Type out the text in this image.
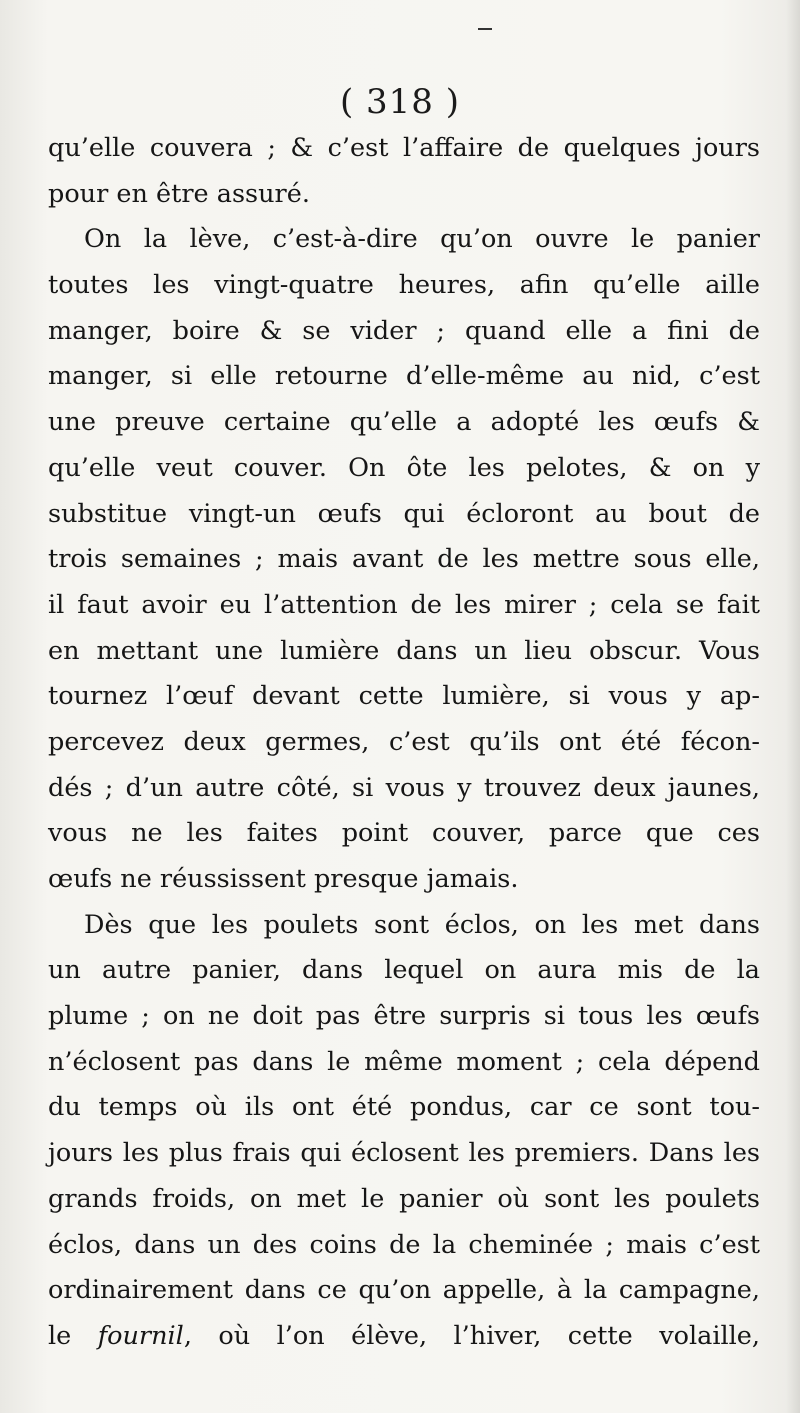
( 318 )
qu’elle couvera ; & c’est l’affaire de quelques jours
pour en être assuré.
On la lève, c’est-à-dire qu’on ouvre le panier
toutes les vingt-quatre heures, afin qu’elle aille
manger, boire & se vider ; quand elle a fini de
manger, si elle retourne d’elle-même au nid, c’est
une preuve certaine qu’elle a adopté les œufs &
qu’elle veut couver. On ôte les pelotes, & on y
substitue vingt-un œufs qui écloront au bout de
trois semaines ; mais avant de les mettre sous elle,
il faut avoir eu l’attention de les mirer ; cela se fait
en mettant une lumière dans un lieu obscur. Vous
tournez l’œuf devant cette lumière, si vous y ap-
percevez deux germes, c’est qu’ils ont été fécon-
dés ; d’un autre côté, si vous y trouvez deux jaunes,
vous ne les faites point couver, parce que ces
œufs ne réussissent presque jamais.
Dès que les poulets sont éclos, on les met dans
un autre panier, dans lequel on aura mis de la
plume ; on ne doit pas être surpris si tous les œufs
n’éclosent pas dans le même moment ; cela dépend
du temps où ils ont été pondus, car ce sont tou-
jours les plus frais qui éclosent les premiers. Dans les
grands froids, on met le panier où sont les poulets
éclos, dans un des coins de la cheminée ; mais c’est
ordinairement dans ce qu’on appelle, à la campagne,
le fournil, où l’on élève, l’hiver, cette volaille,
